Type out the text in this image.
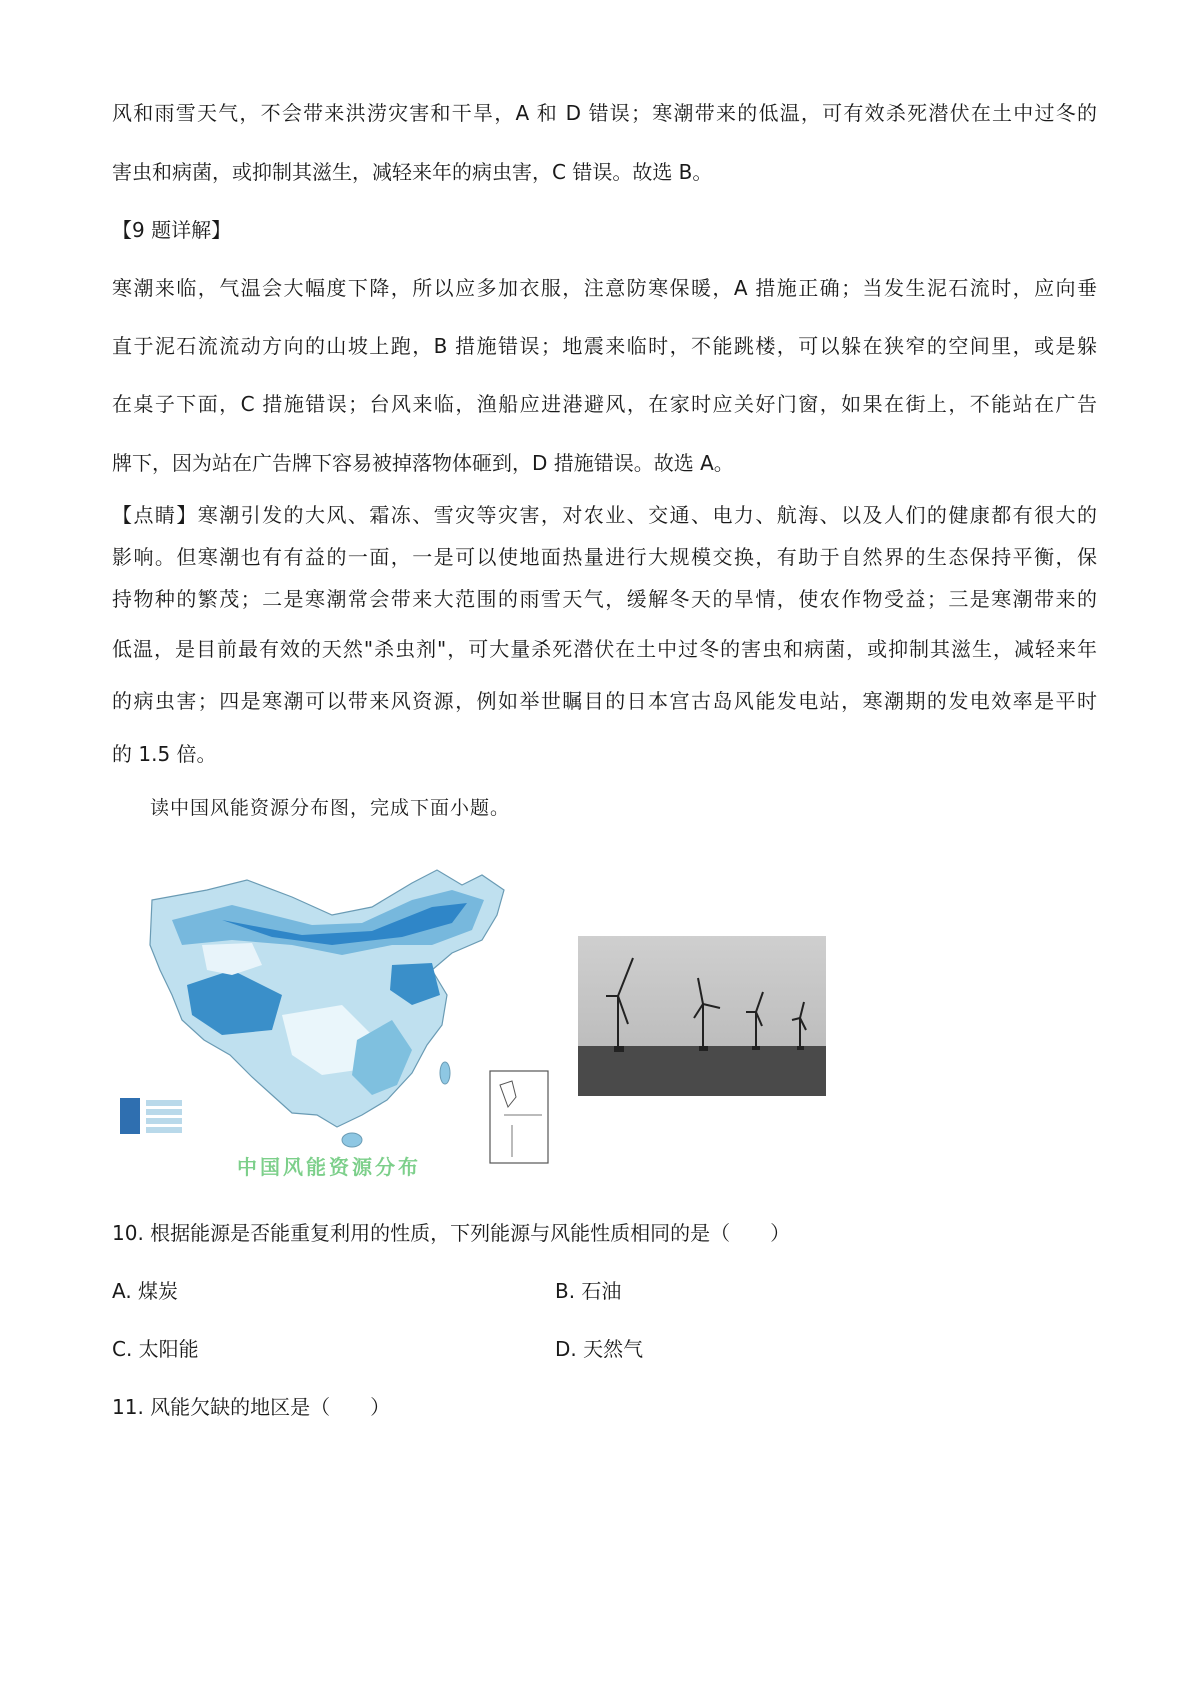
风和雨雪天气，不会带来洪涝灾害和干旱，A 和 D 错误；寒潮带来的低温，可有效杀死潜伏在土中过冬的
害虫和病菌，或抑制其滋生，减轻来年的病虫害，C 错误。故选 B。
【9 题详解】
寒潮来临，气温会大幅度下降，所以应多加衣服，注意防寒保暖，A 措施正确；当发生泥石流时，应向垂
直于泥石流流动方向的山坡上跑，B 措施错误；地震来临时，不能跳楼，可以躲在狭窄的空间里，或是躲
在桌子下面，C 措施错误；台风来临，渔船应进港避风，在家时应关好门窗，如果在街上，不能站在广告
牌下，因为站在广告牌下容易被掉落物体砸到，D 措施错误。故选 A。
【点睛】寒潮引发的大风、霜冻、雪灾等灾害，对农业、交通、电力、航海、以及人们的健康都有很大的
影响。但寒潮也有有益的一面，一是可以使地面热量进行大规模交换，有助于自然界的生态保持平衡，保
持物种的繁茂；二是寒潮常会带来大范围的雨雪天气，缓解冬天的旱情，使农作物受益；三是寒潮带来的
低温，是目前最有效的天然"杀虫剂"，可大量杀死潜伏在土中过冬的害虫和病菌，或抑制其滋生，减轻来年
的病虫害；四是寒潮可以带来风资源，例如举世瞩目的日本宫古岛风能发电站，寒潮期的发电效率是平时
的 1.5 倍。
读中国风能资源分布图，完成下面小题。
中国风能资源分布
10. 根据能源是否能重复利用的性质，下列能源与风能性质相同的是（　　）
A. 煤炭	B. 石油
C. 太阳能	D. 天然气
11. 风能欠缺的地区是（　　）
